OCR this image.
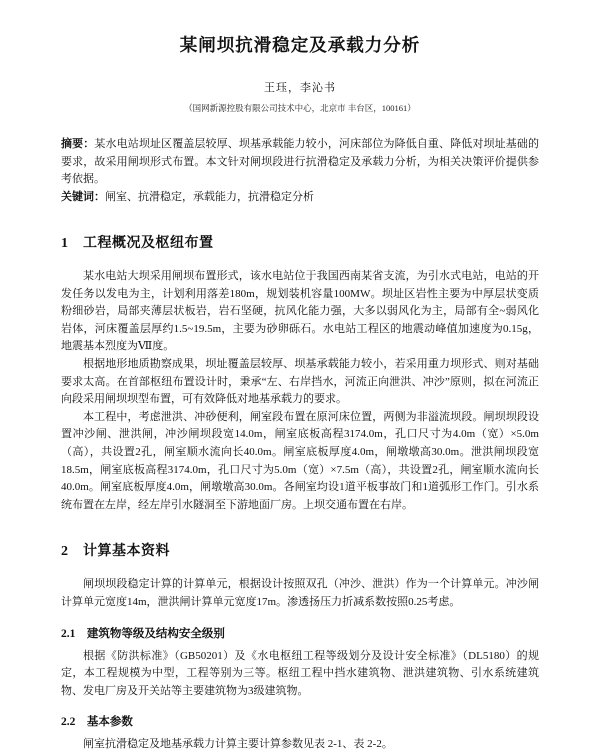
某闸坝抗滑稳定及承载力分析
王珏，李沁书
（国网新源控股有限公司技术中心，北京市 丰台区，100161）
摘要：某水电站坝址区覆盖层较厚、坝基承载能力较小，河床部位为降低自重、降低对坝址基础的要求，故采用闸坝形式布置。本文针对闸坝段进行抗滑稳定及承载力分析，为相关决策评价提供参考依据。
关键词：闸室、抗滑稳定，承载能力，抗滑稳定分析
1　工程概况及枢纽布置

某水电站大坝采用闸坝布置形式，该水电站位于我国西南某省支流，为引水式电站，电站的开发任务以发电为主，计划利用落差180m，规划装机容量100MW。坝址区岩性主要为中厚层状变质粉细砂岩，局部夹薄层状板岩，岩石坚硬，抗风化能力强，大多以弱风化为主，局部有全~弱风化岩体，河床覆盖层厚约1.5~19.5m，主要为砂卵砾石。水电站工程区的地震动峰值加速度为0.15g，地震基本烈度为Ⅶ度。

根据地形地质勘察成果，坝址覆盖层较厚、坝基承载能力较小，若采用重力坝形式、则对基础要求太高。在首部枢纽布置设计时，秉承“左、右岸挡水，河流正向泄洪、冲沙”原则，拟在河流正向段采用闸坝坝型布置，可有效降低对地基承载力的要求。

本工程中，考虑泄洪、冲砂便利，闸室段布置在原河床位置，两侧为非溢流坝段。闸坝坝段设置冲沙闸、泄洪闸，冲沙闸坝段宽14.0m，闸室底板高程3174.0m，孔口尺寸为4.0m（宽）×5.0m（高），共设置2孔，闸室顺水流向长40.0m。闸室底板厚度4.0m，闸墩墩高30.0m。泄洪闸坝段宽18.5m，闸室底板高程3174.0m，孔口尺寸为5.0m（宽）×7.5m（高），共设置2孔，闸室顺水流向长40.0m。闸室底板厚度4.0m，闸墩墩高30.0m。各闸室均设1道平板事故门和1道弧形工作门。引水系统布置在左岸，经左岸引水隧洞至下游地面厂房。上坝交通布置在右岸。

2　计算基本资料

闸坝坝段稳定计算的计算单元，根据设计按照双孔（冲沙、泄洪）作为一个计算单元。冲沙闸计算单元宽度14m，泄洪闸计算单元宽度17m。渗透扬压力折减系数按照0.25考虑。

2.1　建筑物等级及结构安全级别

根据《防洪标准》（GB50201）及《水电枢纽工程等级划分及设计安全标准》（DL5180）的规定，本工程规模为中型，工程等别为三等。枢纽工程中挡水建筑物、泄洪建筑物、引水系统建筑物、发电厂房及开关站等主要建筑物为3级建筑物。

2.2　基本参数

闸室抗滑稳定及地基承载力计算主要计算参数见表 2-1、表 2-2。
